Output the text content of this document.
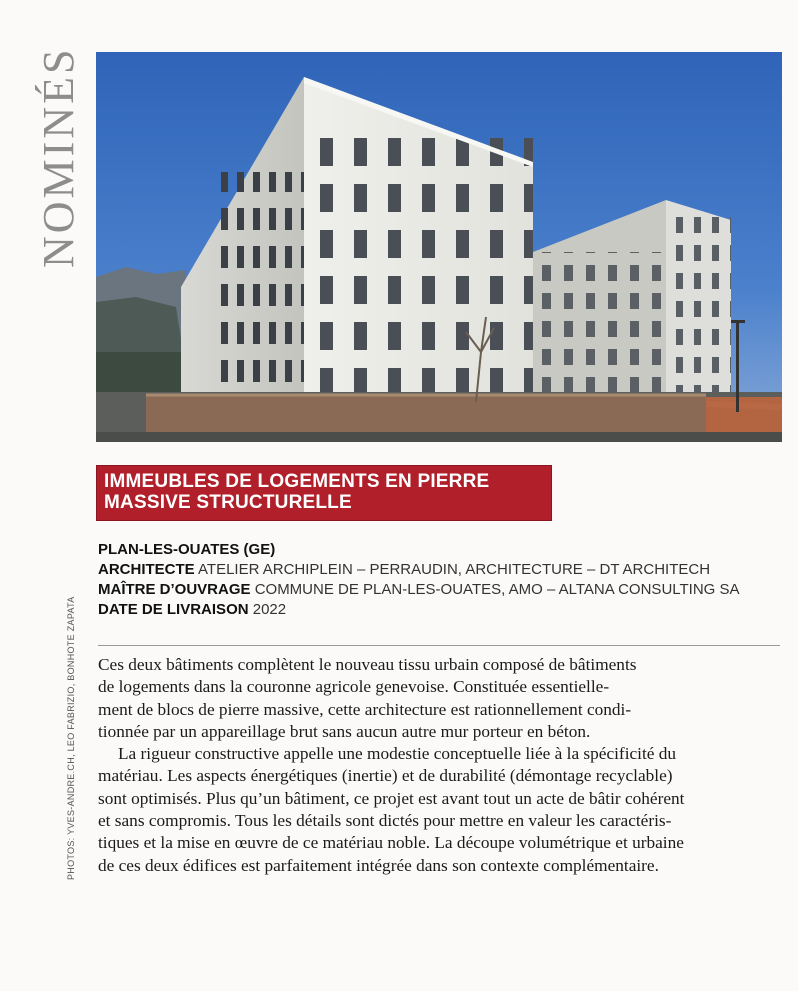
NOMINÉS
PHOTOS: YVES-ANDRE.CH, LEO FABRIZIO, BONHOTE ZAPATA
IMMEUBLES DE LOGEMENTS EN PIERRE
MASSIVE STRUCTURELLE
PLAN-LES-OUATES (GE)
ARCHITECTE ATELIER ARCHIPLEIN – PERRAUDIN, ARCHITECTURE – DT ARCHITECH
MAÎTRE D’OUVRAGE COMMUNE DE PLAN-LES-OUATES, AMO – ALTANA CONSULTING SA
DATE DE LIVRAISON 2022
Ces deux bâtiments complètent le nouveau tissu urbain composé de bâtiments
de logements dans la couronne agricole genevoise. Constituée essentielle-
ment de blocs de pierre massive, cette architecture est rationnellement condi-
tionnée par un appareillage brut sans aucun autre mur porteur en béton.
La rigueur constructive appelle une modestie conceptuelle liée à la spécificité du
matériau. Les aspects énergétiques (inertie) et de durabilité (démontage recyclable)
sont optimisés. Plus qu’un bâtiment, ce projet est avant tout un acte de bâtir cohérent
et sans compromis. Tous les détails sont dictés pour mettre en valeur les caractéris-
tiques et la mise en œuvre de ce matériau noble. La découpe volumétrique et urbaine
de ces deux édifices est parfaitement intégrée dans son contexte complémentaire.
